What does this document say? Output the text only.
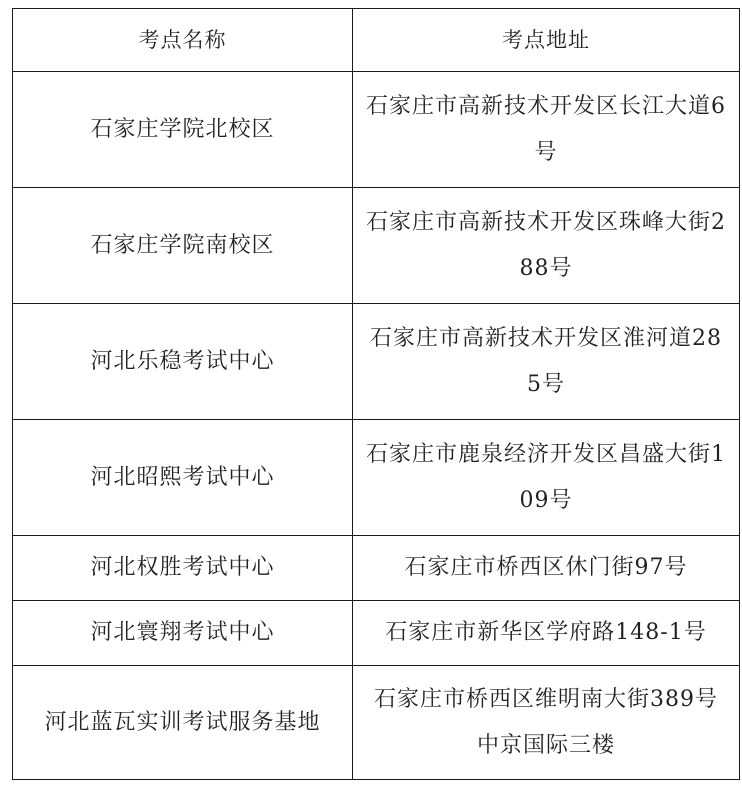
考点名称	考点地址
石家庄学院北校区	石家庄市高新技术开发区长江大道6号
石家庄学院南校区	石家庄市高新技术开发区珠峰大街288号
河北乐稳考试中心	石家庄市高新技术开发区淮河道285号
河北昭熙考试中心	石家庄市鹿泉经济开发区昌盛大街109号
河北权胜考试中心	石家庄市桥西区休门街97号
河北寰翔考试中心	石家庄市新华区学府路148-1号
河北蓝瓦实训考试服务基地	石家庄市桥西区维明南大街389号中京国际三楼
